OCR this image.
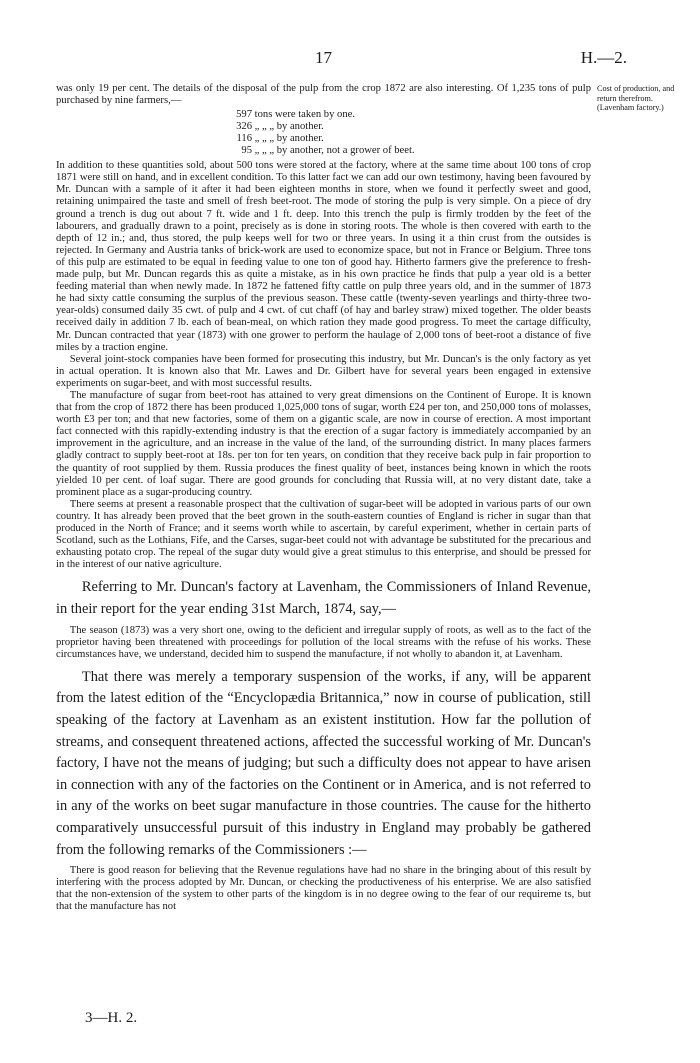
17	H.—2.
Cost of production, and return therefrom. (Lavenham factory.)

was only 19 per cent. The details of the disposal of the pulp from the crop 1872 are also interesting. Of 1,235 tons of pulp purchased by nine farmers,—

597 tons were taken by one.
326 „ „ „ by another.
116 „ „ „ by another.
95 „ „ „ by another, not a grower of beet.

In addition to these quantities sold, about 500 tons were stored at the factory, where at the same time about 100 tons of crop 1871 were still on hand, and in excellent condition. To this latter fact we can add our own testimony, having been favoured by Mr. Duncan with a sample of it after it had been eighteen months in store, when we found it perfectly sweet and good, retaining unimpaired the taste and smell of fresh beet-root. The mode of storing the pulp is very simple. On a piece of dry ground a trench is dug out about 7 ft. wide and 1 ft. deep. Into this trench the pulp is firmly trodden by the feet of the labourers, and gradually drawn to a point, precisely as is done in storing roots. The whole is then covered with earth to the depth of 12 in.; and, thus stored, the pulp keeps well for two or three years. In using it a thin crust from the outsides is rejected. In Germany and Austria tanks of brick-work are used to economize space, but not in France or Belgium. Three tons of this pulp are estimated to be equal in feeding value to one ton of good hay. Hitherto farmers give the preference to fresh-made pulp, but Mr. Duncan regards this as quite a mistake, as in his own practice he finds that pulp a year old is a better feeding material than when newly made. In 1872 he fattened fifty cattle on pulp three years old, and in the summer of 1873 he had sixty cattle consuming the surplus of the previous season. These cattle (twenty-seven yearlings and thirty-three two-year-olds) consumed daily 35 cwt. of pulp and 4 cwt. of cut chaff (of hay and barley straw) mixed together. The older beasts received daily in addition 7 lb. each of bean-meal, on which ration they made good progress. To meet the cartage difficulty, Mr. Duncan contracted that year (1873) with one grower to perform the haulage of 2,000 tons of beet-root a distance of five miles by a traction engine.

Several joint-stock companies have been formed for prosecuting this industry, but Mr. Duncan's is the only factory as yet in actual operation. It is known also that Mr. Lawes and Dr. Gilbert have for several years been engaged in extensive experiments on sugar-beet, and with most successful results.

The manufacture of sugar from beet-root has attained to very great dimensions on the Continent of Europe. It is known that from the crop of 1872 there has been produced 1,025,000 tons of sugar, worth £24 per ton, and 250,000 tons of molasses, worth £3 per ton; and that new factories, some of them on a gigantic scale, are now in course of erection. A most important fact connected with this rapidly-extending industry is that the erection of a sugar factory is immediately accompanied by an improvement in the agriculture, and an increase in the value of the land, of the surrounding district. In many places farmers gladly contract to supply beet-root at 18s. per ton for ten years, on condition that they receive back pulp in fair proportion to the quantity of root supplied by them. Russia produces the finest quality of beet, instances being known in which the roots yielded 10 per cent. of loaf sugar. There are good grounds for concluding that Russia will, at no very distant date, take a prominent place as a sugar-producing country.

There seems at present a reasonable prospect that the cultivation of sugar-beet will be adopted in various parts of our own country. It has already been proved that the beet grown in the south-eastern counties of England is richer in sugar than that produced in the North of France; and it seems worth while to ascertain, by careful experiment, whether in certain parts of Scotland, such as the Lothians, Fife, and the Carses, sugar-beet could not with advantage be substituted for the precarious and exhausting potato crop. The repeal of the sugar duty would give a great stimulus to this enterprise, and should be pressed for in the interest of our native agriculture.

Referring to Mr. Duncan's factory at Lavenham, the Commissioners of Inland Revenue, in their report for the year ending 31st March, 1874, say,—

The season (1873) was a very short one, owing to the deficient and irregular supply of roots, as well as to the fact of the proprietor having been threatened with proceedings for pollution of the local streams with the refuse of his works. These circumstances have, we understand, decided him to suspend the manufacture, if not wholly to abandon it, at Lavenham.

That there was merely a temporary suspension of the works, if any, will be apparent from the latest edition of the “Encyclopædia Britannica,” now in course of publication, still speaking of the factory at Lavenham as an existent institution. How far the pollution of streams, and consequent threatened actions, affected the successful working of Mr. Duncan's factory, I have not the means of judging; but such a difficulty does not appear to have arisen in connection with any of the factories on the Continent or in America, and is not referred to in any of the works on beet sugar manufacture in those countries. The cause for the hitherto comparatively unsuccessful pursuit of this industry in England may probably be gathered from the following remarks of the Commissioners :—

There is good reason for believing that the Revenue regulations have had no share in the bringing about of this result by interfering with the process adopted by Mr. Duncan, or checking the productiveness of his enterprise. We are also satisfied that the non-extension of the system to other parts of the kingdom is in no degree owing to the fear of our requireme ts, but that the manufacture has not

3—H. 2.
